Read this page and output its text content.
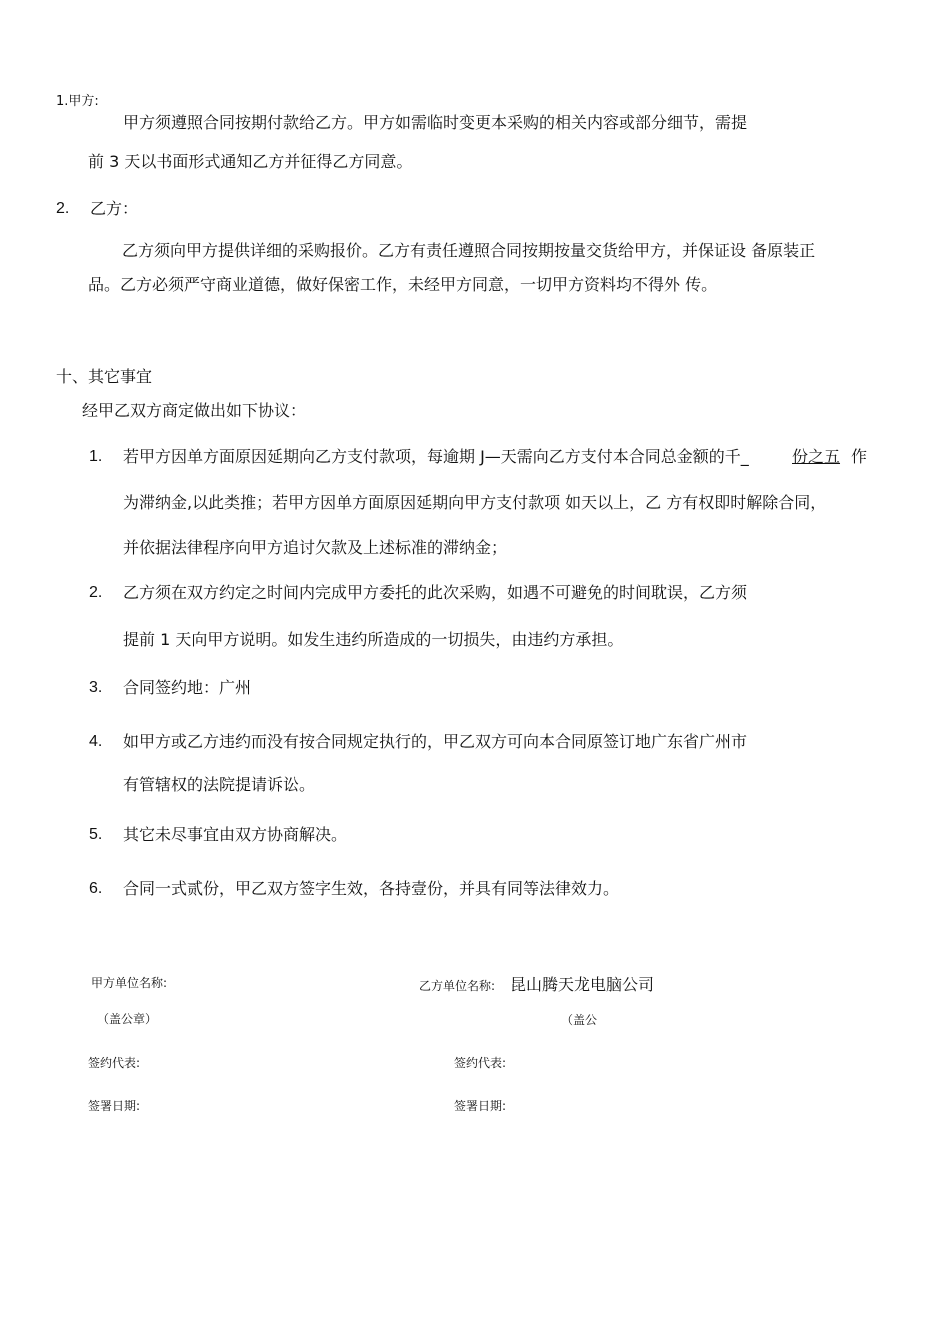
1.甲方:
甲方须遵照合同按期付款给乙方。甲方如需临时变更本采购的相关内容或部分细节，需提
前 3 天以书面形式通知乙方并征得乙方同意。
2. 乙方：
乙方须向甲方提供详细的采购报价。乙方有责任遵照合同按期按量交货给甲方，并保证设 备原装正
品。乙方必须严守商业道德，做好保密工作，未经甲方同意，一切甲方资料均不得外 传。
十、其它事宜
经甲乙双方商定做出如下协议：
1. 若甲方因单方面原因延期向乙方支付款项，每逾期 J—天需向乙方支付本合同总金额的千_	份之五 作
为滞纳金,以此类推；若甲方因单方面原因延期向甲方支付款项 如天以上，乙 方有权即时解除合同，
并依据法律程序向甲方追讨欠款及上述标准的滞纳金；
2. 乙方须在双方约定之时间内完成甲方委托的此次采购，如遇不可避免的时间耽误，乙方须
提前 1 天向甲方说明。如发生违约所造成的一切损失，由违约方承担。
3. 合同签约地：广州
4. 如甲方或乙方违约而没有按合同规定执行的，甲乙双方可向本合同原签订地广东省广州市
有管辖权的法院提请诉讼。
5. 其它未尽事宜由双方协商解决。
6. 合同一式贰份，甲乙双方签字生效，各持壹份，并具有同等法律效力。
甲方单位名称:	乙方单位名称: 昆山腾天龙电脑公司
（盖公章）	（盖公
签约代表:	签约代表:
签署日期:	签署日期:
